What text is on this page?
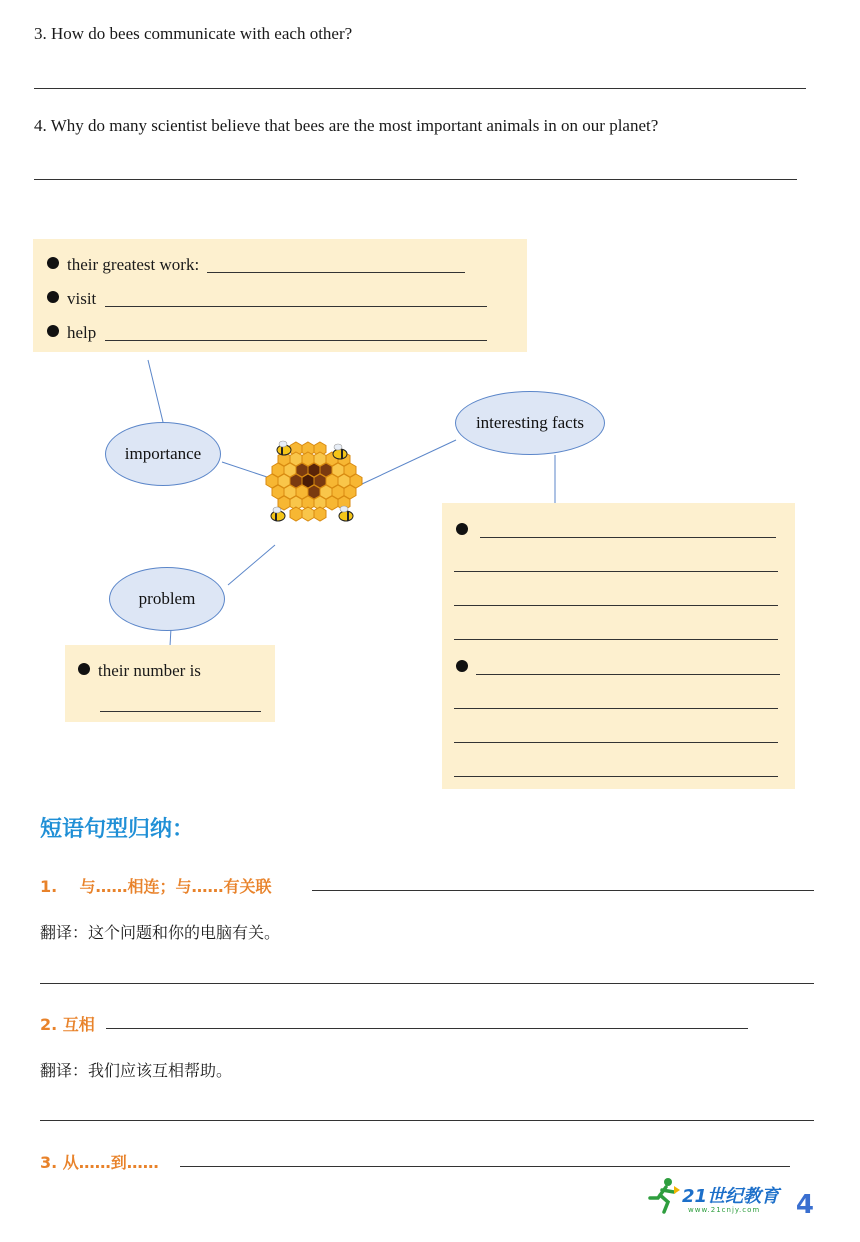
3. How do bees communicate with each other?
4. Why do many scientist believe that bees are the most important animals in on our planet?
their greatest work:
visit
help
importance
interesting facts
problem
their number is
短语句型归纳：
1. 与……相连；与……有关联
翻译：这个问题和你的电脑有关。
2. 互相
翻译：我们应该互相帮助。
3. 从……到……
21世纪教育
www.21cnjy.com 4
